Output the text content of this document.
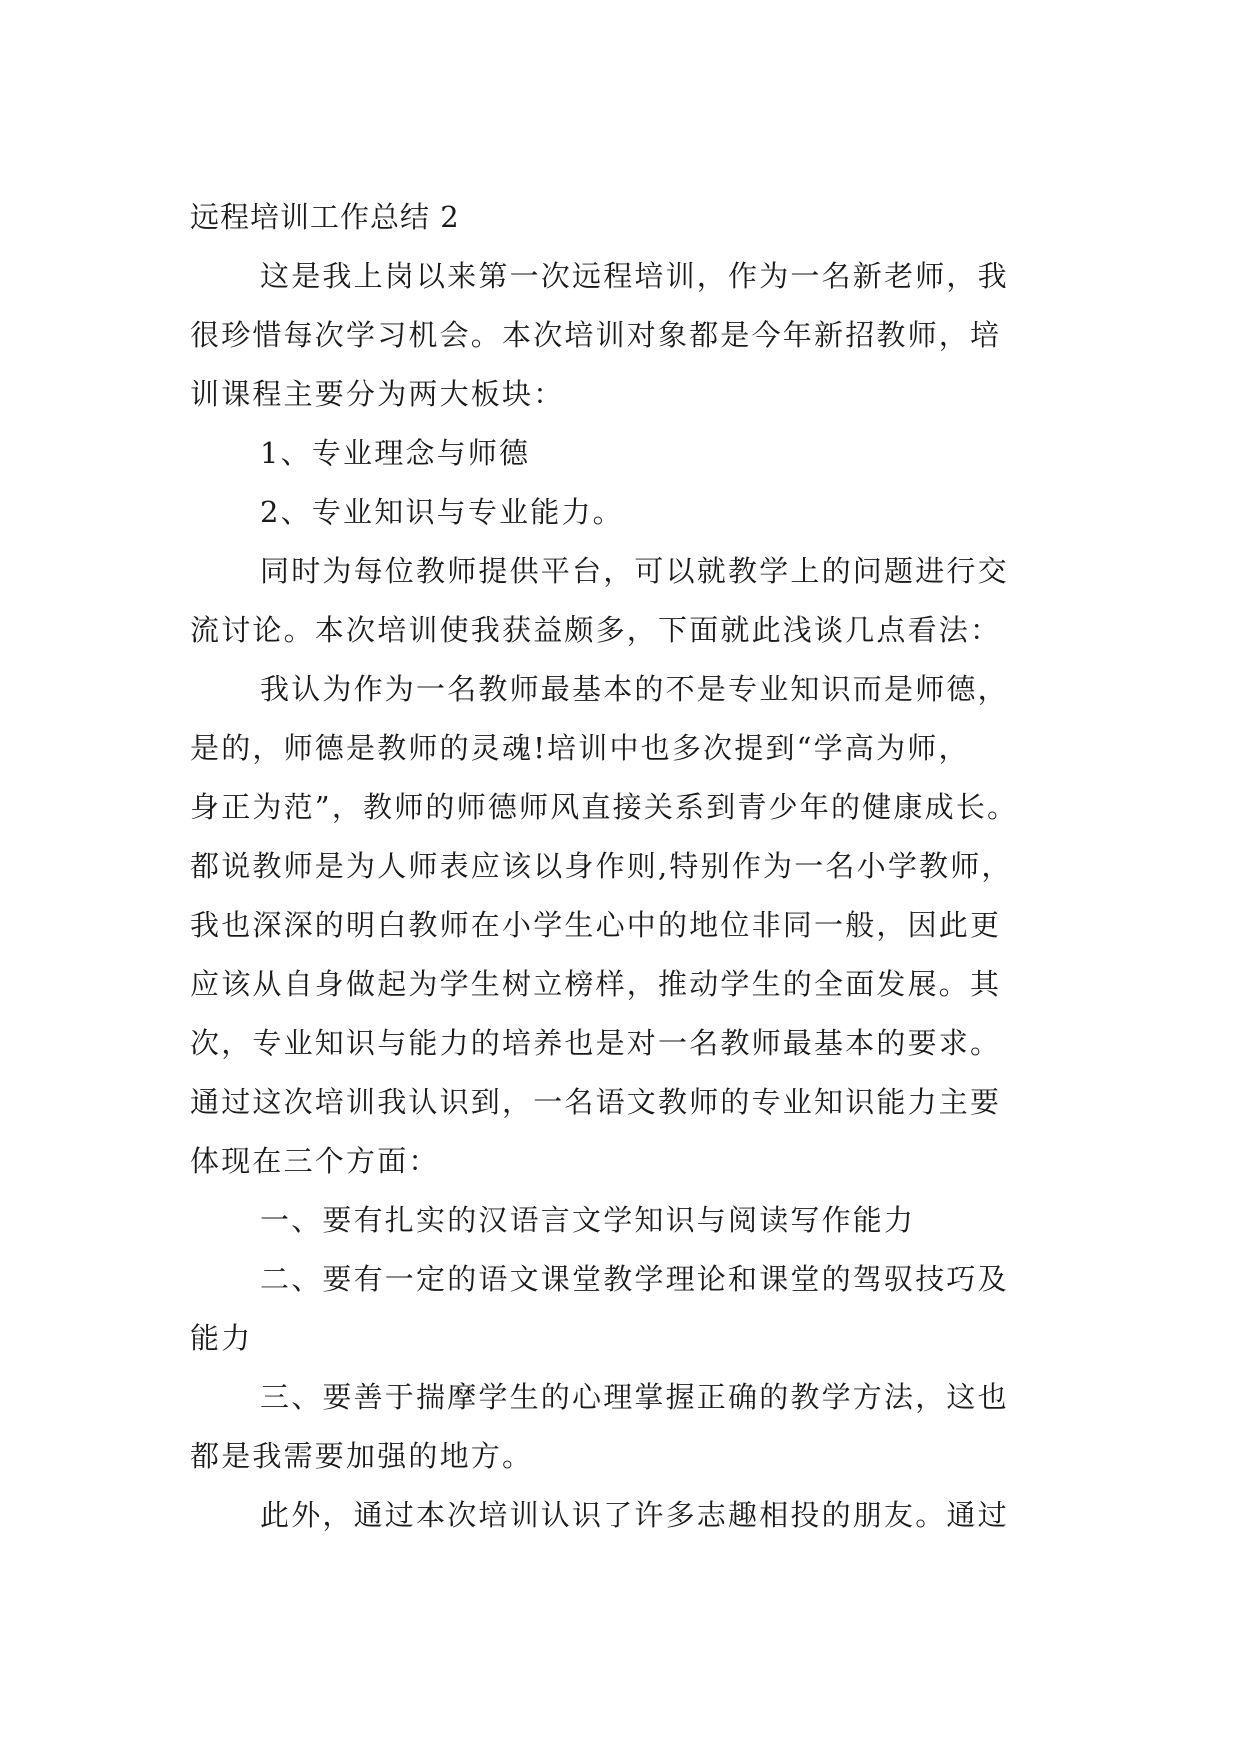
远程培训工作总结 2

这是我上岗以来第一次远程培训，作为一名新老师，我
很珍惜每次学习机会。本次培训对象都是今年新招教师，培
训课程主要分为两大板块：

1、专业理念与师德

2、专业知识与专业能力。

同时为每位教师提供平台，可以就教学上的问题进行交
流讨论。本次培训使我获益颇多，下面就此浅谈几点看法：

我认为作为一名教师最基本的不是专业知识而是师德，
是的，师德是教师的灵魂!培训中也多次提到“学高为师，
身正为范”，教师的师德师风直接关系到青少年的健康成长。
都说教师是为人师表应该以身作则,特别作为一名小学教师，
我也深深的明白教师在小学生心中的地位非同一般，因此更
应该从自身做起为学生树立榜样，推动学生的全面发展。其
次，专业知识与能力的培养也是对一名教师最基本的要求。
通过这次培训我认识到，一名语文教师的专业知识能力主要
体现在三个方面：

一、要有扎实的汉语言文学知识与阅读写作能力

二、要有一定的语文课堂教学理论和课堂的驾驭技巧及
能力

三、要善于揣摩学生的心理掌握正确的教学方法，这也
都是我需要加强的地方。

此外，通过本次培训认识了许多志趣相投的朋友。通过
